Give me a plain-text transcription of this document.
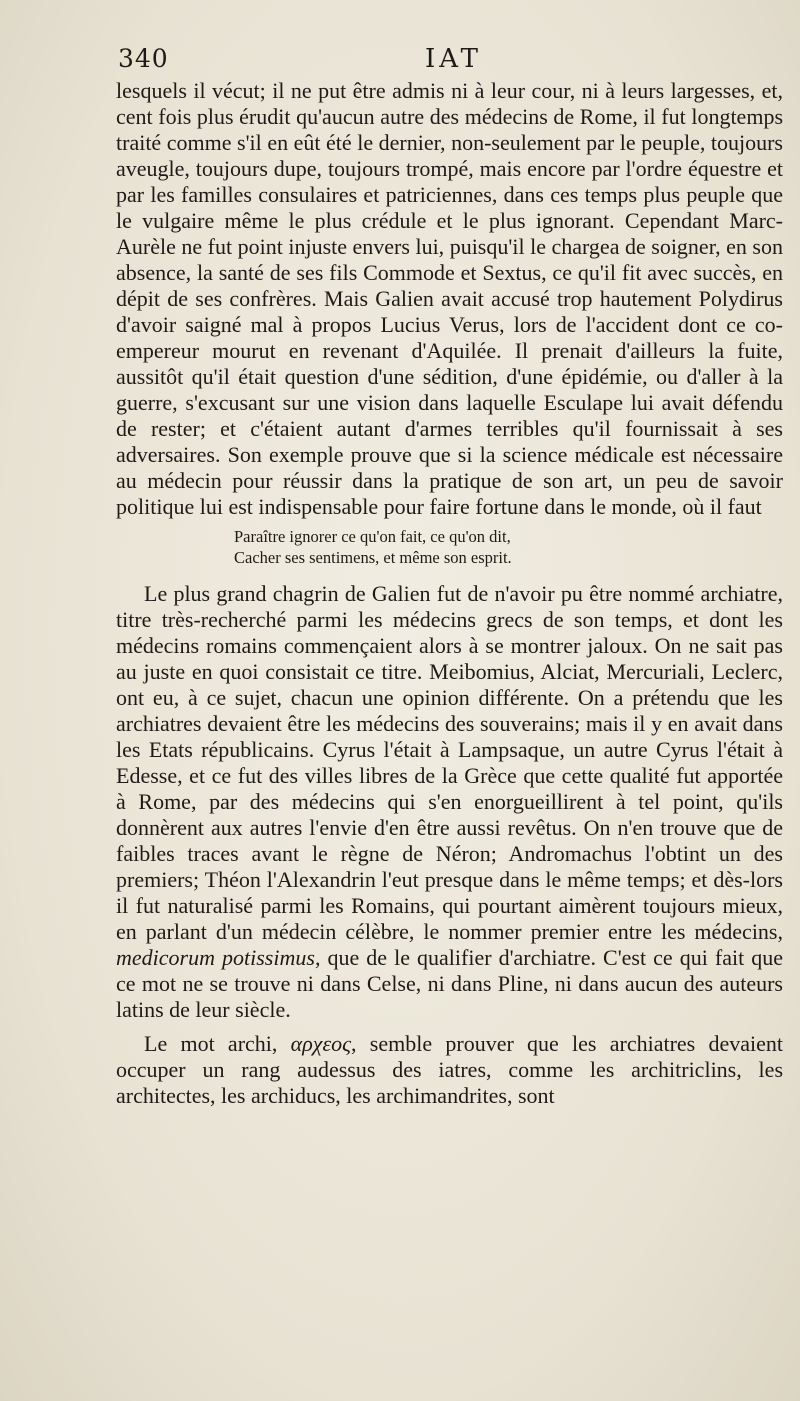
340	IAT

lesquels il vécut; il ne put être admis ni à leur cour, ni à leurs largesses, et, cent fois plus érudit qu'aucun autre des médecins de Rome, il fut longtemps traité comme s'il en eût été le dernier, non-seulement par le peuple, toujours aveugle, toujours dupe, toujours trompé, mais encore par l'ordre équestre et par les familles consulaires et patriciennes, dans ces temps plus peuple que le vulgaire même le plus crédule et le plus ignorant. Cependant Marc-Aurèle ne fut point injuste envers lui, puisqu'il le chargea de soigner, en son absence, la santé de ses fils Commode et Sextus, ce qu'il fit avec succès, en dépit de ses confrères. Mais Galien avait accusé trop hautement Polydirus d'avoir saigné mal à propos Lucius Verus, lors de l'accident dont ce co-empereur mourut en revenant d'Aquilée. Il prenait d'ailleurs la fuite, aussitôt qu'il était question d'une sédition, d'une épidémie, ou d'aller à la guerre, s'excusant sur une vision dans laquelle Esculape lui avait défendu de rester; et c'étaient autant d'armes terribles qu'il fournissait à ses adversaires. Son exemple prouve que si la science médicale est nécessaire au médecin pour réussir dans la pratique de son art, un peu de savoir politique lui est indispensable pour faire fortune dans le monde, où il faut

Paraître ignorer ce qu'on fait, ce qu'on dit,
Cacher ses sentimens, et même son esprit.

Le plus grand chagrin de Galien fut de n'avoir pu être nommé archiatre, titre très-recherché parmi les médecins grecs de son temps, et dont les médecins romains commençaient alors à se montrer jaloux. On ne sait pas au juste en quoi consistait ce titre. Meibomius, Alciat, Mercuriali, Leclerc, ont eu, à ce sujet, chacun une opinion différente. On a prétendu que les archiatres devaient être les médecins des souverains; mais il y en avait dans les Etats républicains. Cyrus l'était à Lampsaque, un autre Cyrus l'était à Edesse, et ce fut des villes libres de la Grèce que cette qualité fut apportée à Rome, par des médecins qui s'en enorgueillirent à tel point, qu'ils donnèrent aux autres l'envie d'en être aussi revêtus. On n'en trouve que de faibles traces avant le règne de Néron; Andromachus l'obtint un des premiers; Théon l'Alexandrin l'eut presque dans le même temps; et dès-lors il fut naturalisé parmi les Romains, qui pourtant aimèrent toujours mieux, en parlant d'un médecin célèbre, le nommer premier entre les médecins, medicorum potissimus, que de le qualifier d'archiatre. C'est ce qui fait que ce mot ne se trouve ni dans Celse, ni dans Pline, ni dans aucun des auteurs latins de leur siècle.

Le mot archi, αρχεος, semble prouver que les archiatres devaient occuper un rang audessus des iatres, comme les architriclins, les architectes, les archiducs, les archimandrites, sont
